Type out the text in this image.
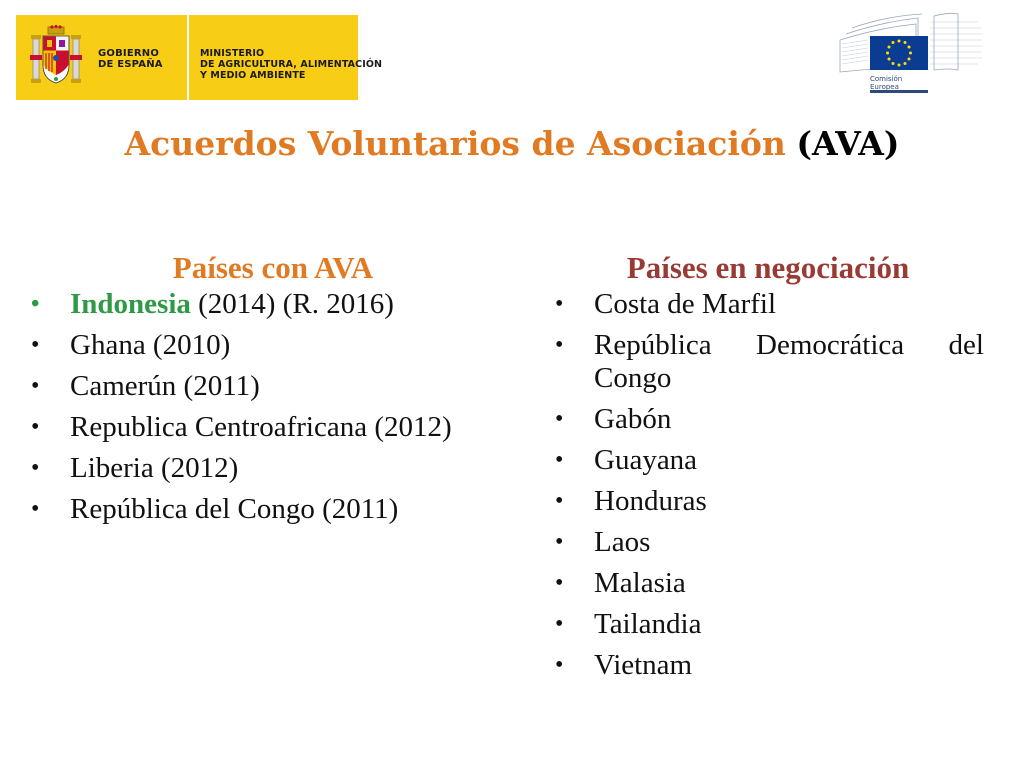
GOBIERNO
DE ESPAÑA
MINISTERIO
DE AGRICULTURA, ALIMENTACIÓN
Y MEDIO AMBIENTE	Comisión
Europea
Acuerdos Voluntarios de Asociación (AVA)
Países con AVA
• Indonesia (2014) (R. 2016)
• Ghana (2010)
• Camerún (2011)
• Republica Centroafricana (2012)
• Liberia (2012)
• República del Congo (2011)
Países en negociación
• Costa de Marfil
• República Democrática del
Congo
• Gabón
• Guayana
• Honduras
• Laos
• Malasia
• Tailandia
• Vietnam
